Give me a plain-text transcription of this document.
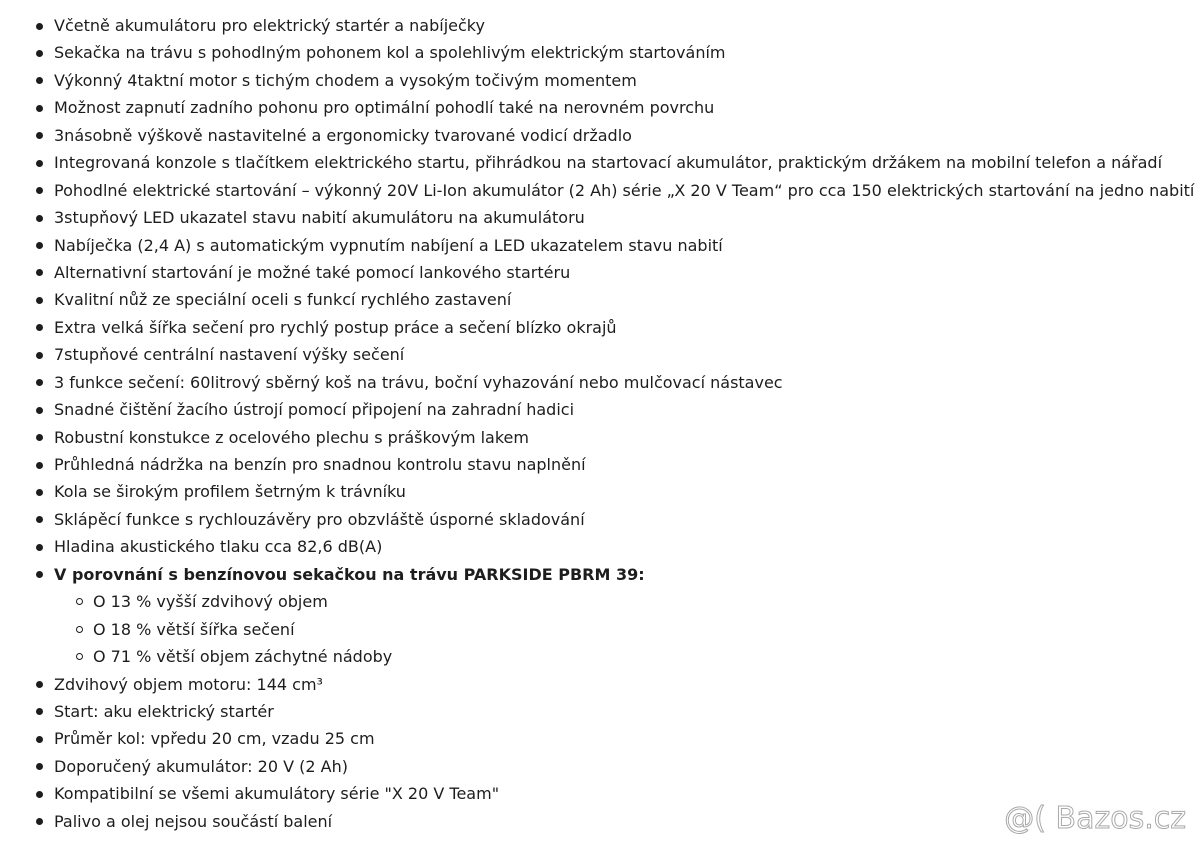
Včetně akumulátoru pro elektrický startér a nabíječky
Sekačka na trávu s pohodlným pohonem kol a spolehlivým elektrickým startováním
Výkonný 4taktní motor s tichým chodem a vysokým točivým momentem
Možnost zapnutí zadního pohonu pro optimální pohodlí také na nerovném povrchu
3násobně výškově nastavitelné a ergonomicky tvarované vodicí držadlo
Integrovaná konzole s tlačítkem elektrického startu, přihrádkou na startovací akumulátor, praktickým držákem na mobilní telefon a nářadí
Pohodlné elektrické startování – výkonný 20V Li-Ion akumulátor (2 Ah) série „X 20 V Team“ pro cca 150 elektrických startování na jedno nabití
3stupňový LED ukazatel stavu nabití akumulátoru na akumulátoru
Nabíječka (2,4 A) s automatickým vypnutím nabíjení a LED ukazatelem stavu nabití
Alternativní startování je možné také pomocí lankového startéru
Kvalitní nůž ze speciální oceli s funkcí rychlého zastavení
Extra velká šířka sečení pro rychlý postup práce a sečení blízko okrajů
7stupňové centrální nastavení výšky sečení
3 funkce sečení: 60litrový sběrný koš na trávu, boční vyhazování nebo mulčovací nástavec
Snadné čištění žacího ústrojí pomocí připojení na zahradní hadici
Robustní konstukce z ocelového plechu s práškovým lakem
Průhledná nádržka na benzín pro snadnou kontrolu stavu naplnění
Kola se širokým profilem šetrným k trávníku
Sklápěcí funkce s rychlouzávěry pro obzvláště úsporné skladování
Hladina akustického tlaku cca 82,6 dB(A)
V porovnání s benzínovou sekačkou na trávu PARKSIDE PBRM 39:
O 13 % vyšší zdvihový objem
O 18 % větší šířka sečení
O 71 % větší objem záchytné nádoby
Zdvihový objem motoru: 144 cm³
Start: aku elektrický startér
Průměr kol: vpředu 20 cm, vzadu 25 cm
Doporučený akumulátor: 20 V (2 Ah)
Kompatibilní se všemi akumulátory série "X 20 V Team"
Palivo a olej nejsou součástí balení	@( Bazos.cz
